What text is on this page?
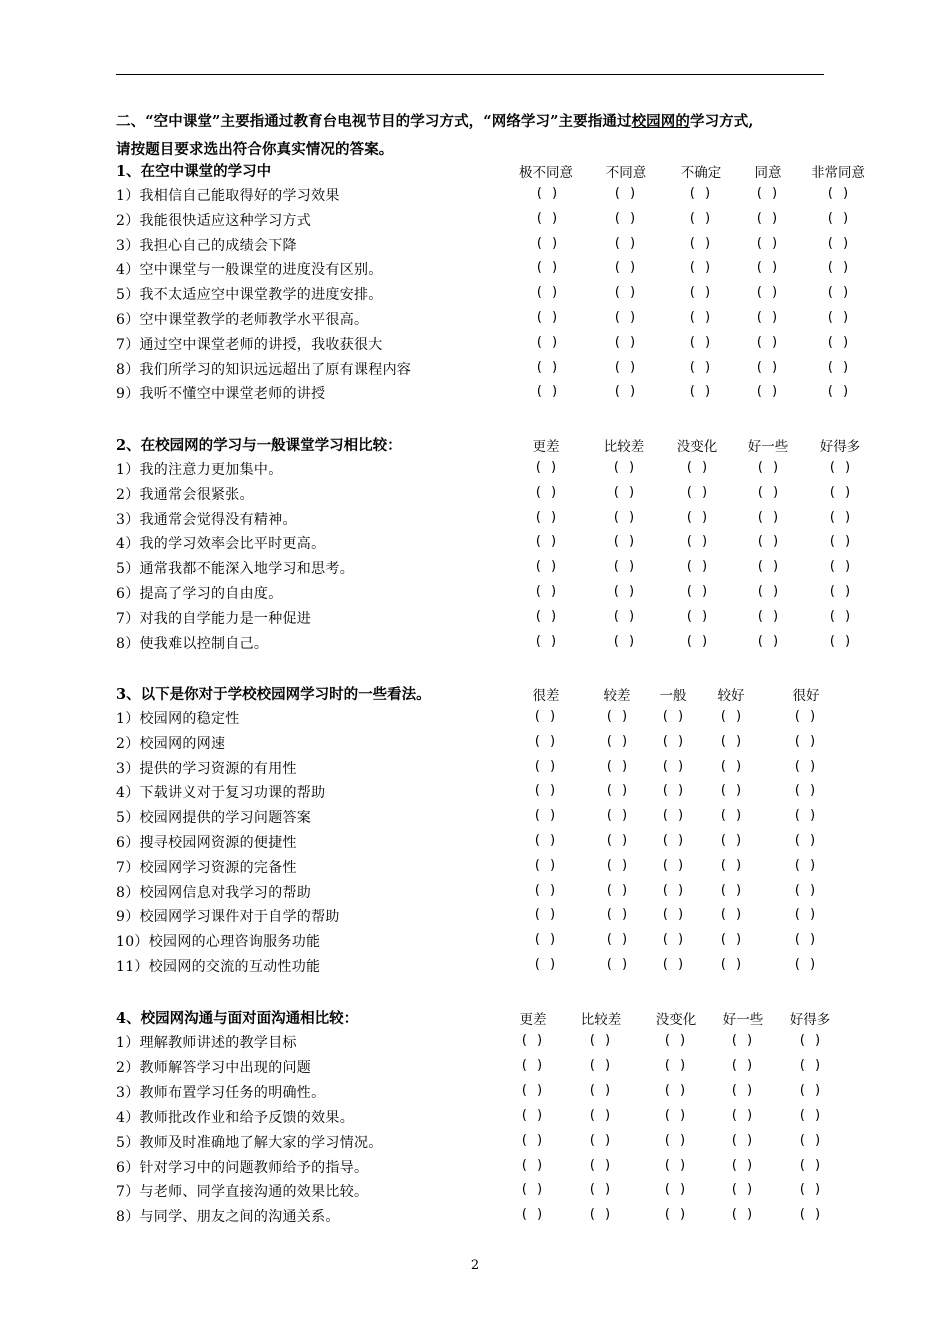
二、“空中课堂”主要指通过教育台电视节目的学习方式，“网络学习”主要指通过校园网的学习方式,
请按题目要求选出符合你真实情况的答案。
1、在空中课堂的学习中	极不同意 不同意	不确定 同意 非常同意
1）我相信自己能取得好的学习效果	( )	( )	( )	( )	( )
2）我能很快适应这种学习方式	( )	( )	( )	( )	( )
3）我担心自己的成绩会下降	( )	( )	( )	( )	( )
4）空中课堂与一般课堂的进度没有区别。	( )	( )	( )	( )	( )
5）我不太适应空中课堂教学的进度安排。	( )	( )	( )	( )	( )
6）空中课堂教学的老师教学水平很高。	( )	( )	( )	( )	( )
7）通过空中课堂老师的讲授，我收获很大	( )	( )	( )	( )	( )
8）我们所学习的知识远远超出了原有课程内容	( )	( )	( )	( )	( )
9）我听不懂空中课堂老师的讲授	( )	( )	( )	( )	( )
2、在校园网的学习与一般课堂学习相比较：	更差	比较差 没变化 好一些 好得多
1）我的注意力更加集中。	( )	( )	( )	( )	( )
2）我通常会很紧张。	( )	( )	( )	( )	( )
3）我通常会觉得没有精神。	( )	( )	( )	( )	( )
4）我的学习效率会比平时更高。	( )	( )	( )	( )	( )
5）通常我都不能深入地学习和思考。	( )	( )	( )	( )	( )
6）提高了学习的自由度。	( )	( )	( )	( )	( )
7）对我的自学能力是一种促进	( )	( )	( )	( )	( )
8）使我难以控制自己。	( )	( )	( )	( )	( )
3、以下是你对于学校校园网学习时的一些看法。	很差	较差 一般 较好	很好
1）校园网的稳定性	( )	( )	( )	( )	( )
2）校园网的网速	( )	( )	( )	( )	( )
3）提供的学习资源的有用性	( )	( )	( )	( )	( )
4）下载讲义对于复习功课的帮助	( )	( )	( )	( )	( )
5）校园网提供的学习问题答案	( )	( )	( )	( )	( )
6）搜寻校园网资源的便捷性	( )	( )	( )	( )	( )
7）校园网学习资源的完备性	( )	( )	( )	( )	( )
8）校园网信息对我学习的帮助	( )	( )	( )	( )	( )
9）校园网学习课件对于自学的帮助	( )	( )	( )	( )	( )
10）校园网的心理咨询服务功能	( )	( )	( )	( )	( )
11）校园网的交流的互动性功能	( )	( )	( )	( )	( )
4、校园网沟通与面对面沟通相比较：	更差	比较差	没变化 好一些 好得多
1）理解教师讲述的教学目标	( )	( )	( )	( )	( )
2）教师解答学习中出现的问题	( )	( )	( )	( )	( )
3）教师布置学习任务的明确性。	( )	( )	( )	( )	( )
4）教师批改作业和给予反馈的效果。	( )	( )	( )	( )	( )
5）教师及时准确地了解大家的学习情况。	( )	( )	( )	( )	( )
6）针对学习中的问题教师给予的指导。	( )	( )	( )	( )	( )
7）与老师、同学直接沟通的效果比较。	( )	( )	( )	( )	( )
8）与同学、朋友之间的沟通关系。	( )	( )	( )	( )	( )
2
